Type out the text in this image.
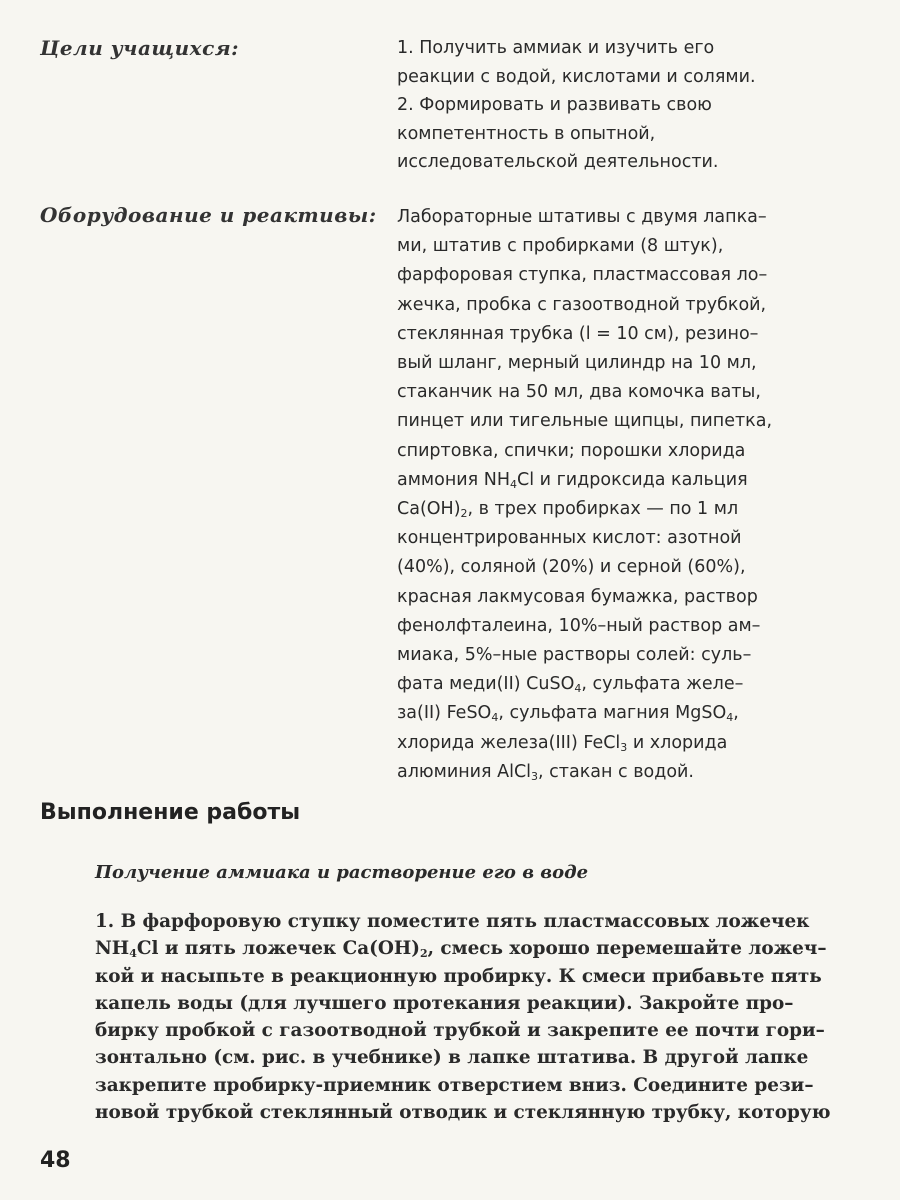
Цели учащихся:	1. Получить аммиак и изучить его
реакции с водой, кислотами и солями.
2. Формировать и развивать свою
компетентность в опытной,
исследовательской деятельности.
Оборудование и реактивы: Лабораторные штативы с двумя лапка–
ми, штатив с пробирками (8 штук),
фарфоровая ступка, пластмассовая ло–
жечка, пробка с газоотводной трубкой,
стеклянная трубка (l = 10 см), резино–
вый шланг, мерный цилиндр на 10 мл,
стаканчик на 50 мл, два комочка ваты,
пинцет или тигельные щипцы, пипетка,
спиртовка, спички; порошки хлорида
аммония $NH_4Cl$ и гидроксида кальция
$Ca(OH)_2$, в трех пробирках — по 1 мл
концентрированных кислот: азотной
(40%), соляной (20%) и серной (60%),
красная лакмусовая бумажка, раствор
фенолфталеина, 10%–ный раствор ам–
миака, 5%–ные растворы солей: суль–
фата меди(II) CuSO$_4$, сульфата желе–
за(II) FeSO$_4$, сульфата магния MgSO$_4$,
хлорида железа(III) FeCl$_3$ и хлорида
алюминия AlCl$_3$, стакан с водой.
Выполнение работы
Получение аммиака и растворение его в воде
1. В фарфоровую ступку поместите пять пластмассовых ложечек
$NH_4Cl$ и пять ложечек $Ca(OH)_2$, смесь хорошо перемешайте ложеч–
кой и насыпьте в реакционную пробирку. К смеси прибавьте пять
капель воды (для лучшего протекания реакции). Закройте про–
бирку пробкой с газоотводной трубкой и закрепите ее почти гори–
зонтально (см. рис. в учебнике) в лапке штатива. В другой лапке
закрепите пробирку-приемник отверстием вниз. Соедините рези–
новой трубкой стеклянный отводик и стеклянную трубку, которую
48
